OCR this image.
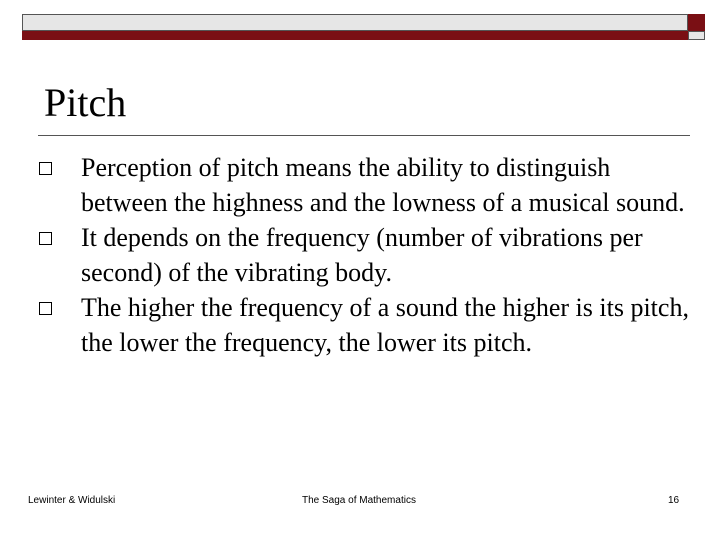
Pitch
Perception of pitch means the ability to distinguish between the highness and the lowness of a musical sound.
It depends on the frequency (number of vibrations per second) of the vibrating body.
The higher the frequency of a sound the higher is its pitch, the lower the frequency, the lower its pitch.
Lewinter & Widulski	The Saga of Mathematics	16
